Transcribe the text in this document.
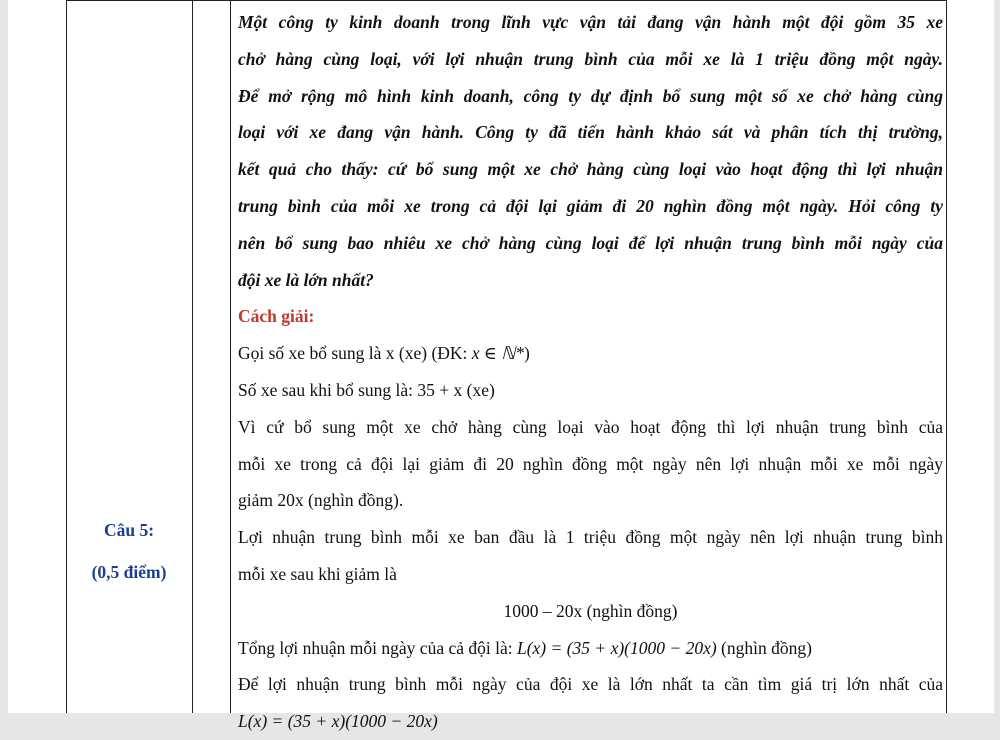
Câu 5:
(0,5 điểm)
Một công ty kinh doanh trong lĩnh vực vận tải đang vận hành một đội gồm 35 xe
chở hàng cùng loại, với lợi nhuận trung bình của mỗi xe là 1 triệu đồng một ngày.
Để mở rộng mô hình kinh doanh, công ty dự định bổ sung một số xe chở hàng cùng
loại với xe đang vận hành. Công ty đã tiến hành khảo sát và phân tích thị trường,
kết quả cho thấy: cứ bổ sung một xe chở hàng cùng loại vào hoạt động thì lợi nhuận
trung bình của mỗi xe trong cả đội lại giảm đi 20 nghìn đồng một ngày. Hỏi công ty
nên bổ sung bao nhiêu xe chở hàng cùng loại để lợi nhuận trung bình mỗi ngày của
đội xe là lớn nhất?
Cách giải:
Gọi số xe bổ sung là x (xe) (ĐK: x ∈ ℕ*)
Số xe sau khi bổ sung là: 35 + x (xe)
Vì cứ bổ sung một xe chở hàng cùng loại vào hoạt động thì lợi nhuận trung bình của
mỗi xe trong cả đội lại giảm đi 20 nghìn đồng một ngày nên lợi nhuận mỗi xe mỗi ngày
giảm 20x (nghìn đồng).
Lợi nhuận trung bình mỗi xe ban đầu là 1 triệu đồng một ngày nên lợi nhuận trung bình
mỗi xe sau khi giảm là
1000 – 20x (nghìn đồng)
Tổng lợi nhuận mỗi ngày của cả đội là: L(x) = (35 + x)(1000 − 20x) (nghìn đồng)
Để lợi nhuận trung bình mỗi ngày của đội xe là lớn nhất ta cần tìm giá trị lớn nhất của
L(x) = (35 + x)(1000 − 20x)
